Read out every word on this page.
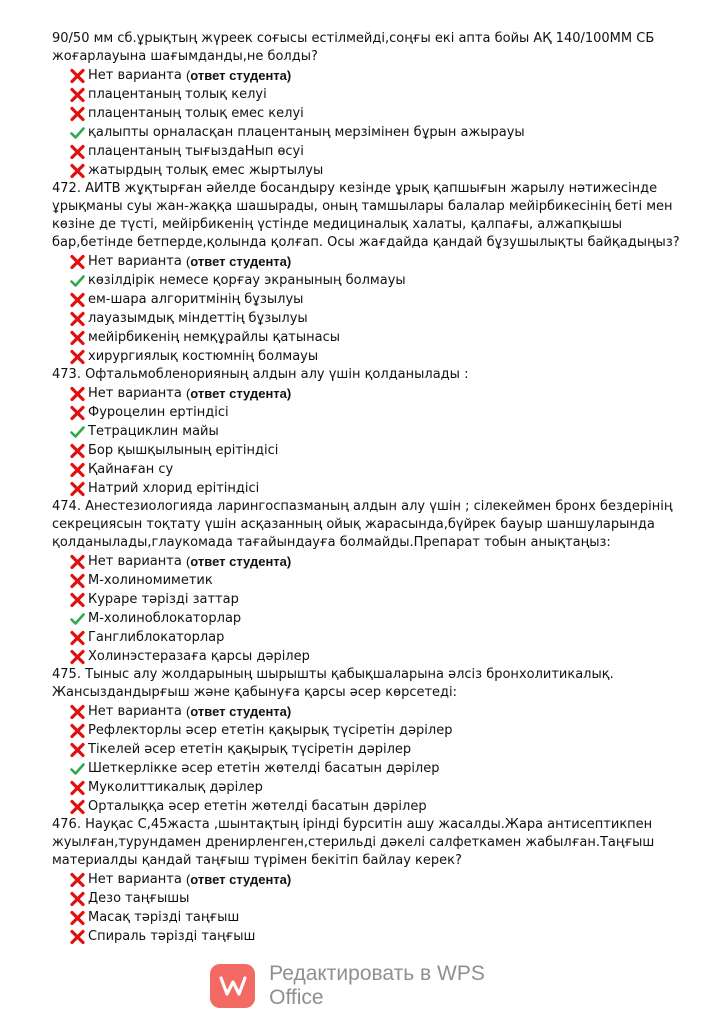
90/50 мм сб.ұрықтың жүреек соғысы естілмейді,соңғы екі апта бойы АҚ 140/100ММ СБ жоғарлауына шағымданды,не болды?

Нет варианта ( ответ студента )
плацентаның толық келуі
плацентаның толық емес келуі
қалыпты орналасқан плацентаның мерзімінен бұрын ажырауы
плацентаның тығыздаНып өсуі
жатырдың толық емес жыртылуы

472. АИТВ жұқтырған әйелде босандыру кезінде ұрық қапшығын жарылу нәтижесінде ұрықманы суы жан-жаққа шашырады, оның тамшылары балалар мейірбикесінің беті мен көзіне де түсті, мейірбикенің үстінде медициналық халаты, қалпағы, алжапқышы бар,бетінде бетперде,қолында қолғап. Осы жағдайда қандай бұзушылықты байқадыңыз?

Нет варианта ( ответ студента )
көзілдірік немесе қорғау экранының болмауы
ем-шара алгоритмінің бұзылуы
лауазымдық міндеттің бұзылуы
мейірбикенің немқұрайлы қатынасы
хирургиялық костюмнің болмауы

473. Офтальмобленорияның алдын алу үшін қолданылады :

Нет варианта ( ответ студента )
Фуроцелин ертіндісі
Тетрациклин майы
Бор қышқылының ерітіндісі
Қайнаған су
Натрий хлорид ерітіндісі

474. Анестезиологияда ларингоспазманың алдын алу үшін ; сілекеймен бронх бездерінің секрециясын тоқтату үшін асқазанның ойық жарасында,бүйрек бауыр шаншуларында қолданылады,глаукомада тағайындауға болмайды.Препарат тобын анықтаңыз:

Нет варианта ( ответ студента )
М-холиномиметик
Кураре тәрізді заттар
М-холиноблокаторлар
Ганглиблокаторлар
Холинэстеразаға қарсы дәрілер

475. Тыныс алу жолдарының шырышты қабықшаларына әлсіз бронхолитикалық. Жансыздандырғыш және қабынуға қарсы әсер көрсетеді:

Нет варианта ( ответ студента )
Рефлекторлы әсер ететін қақырық түсіретін дәрілер
Тікелей әсер ететін қақырық түсіретін дәрілер
Шеткерлікке әсер ететін жөтелді басатын дәрілер
Муколиттикалық дәрілер
Орталыққа әсер ететін жөтелді басатын дәрілер

476. Науқас С,45жаста ,шынтақтың ірінді бурситін ашу жасалды.Жара антисептикпен жуылған,турундамен дренирленген,стерильді дәкелі салфеткамен жабылған.Таңғыш материалды қандай таңғыш түрімен бекітіп байлау керек?

Нет варианта ( ответ студента )
Дезо таңғышы
Масақ тәрізді таңғыш
Спираль тәрізді таңғыш
Редактировать в WPS Office
